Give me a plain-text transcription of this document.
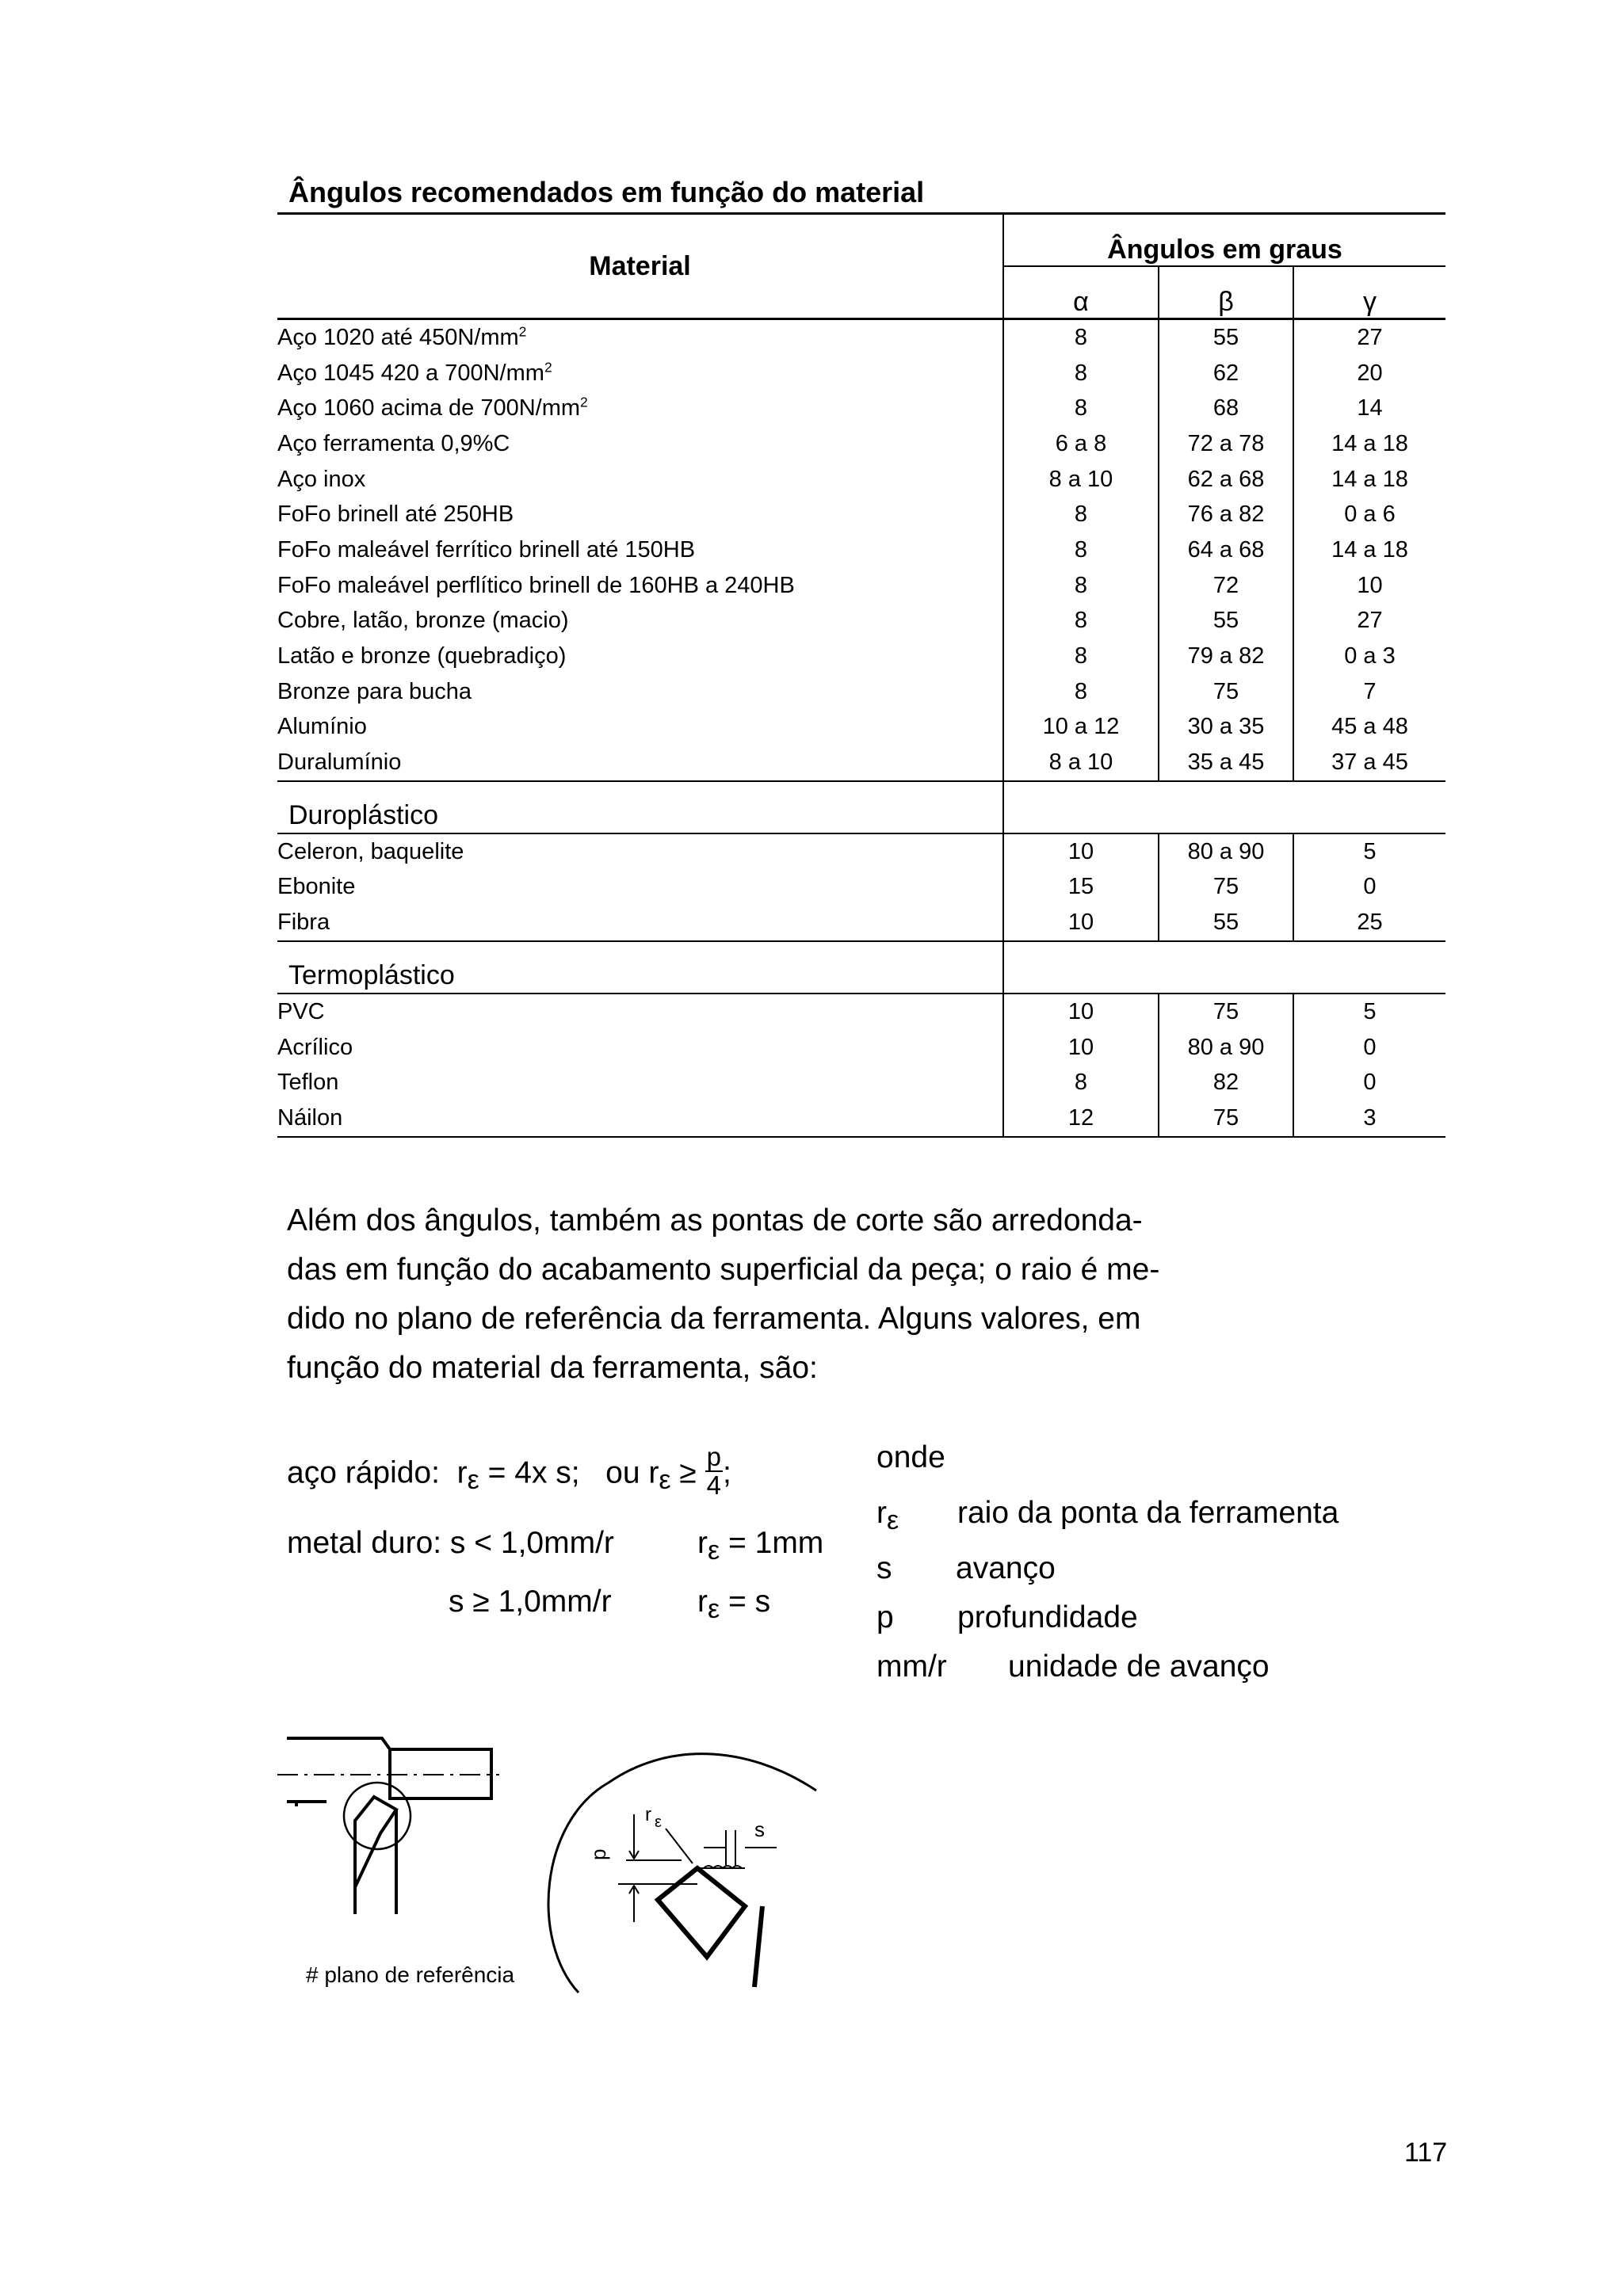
Ângulos recomendados em função do material
Material	Ângulos em graus		
	α	β	γ
Aço 1020 até $450N/mm^2$	8	55	27
Aço 1045 420 a $700N/mm^2$	8	62	20
Aço 1060 acima de $700N/mm^2$	8	68	14
Aço ferramenta 0,9%C	6 a 8	72 a 78	14 a 18
Aço inox	8 a 10	62 a 68	14 a 18
FoFo brinell até 250HB	8	76 a 82	0 a 6
FoFo maleável ferrítico brinell até 150HB	8	64 a 68	14 a 18
FoFo maleável perflítico brinell de 160HB a 240HB	8	72	10
Cobre, latão, bronze (macio)	8	55	27
Latão e bronze (quebradiço)	8	79 a 82	0 a 3
Bronze para bucha	8	75	7
Alumínio	10 a 12	30 a 35	45 a 48
Duralumínio	8 a 10	35 a 45	37 a 45
Duroplástico			
Celeron, baquelite	10	80 a 90	5
Ebonite	15	75	0
Fibra	10	55	25
Termoplástico			
PVC	10	75	5
Acrílico	10	80 a 90	0
Teflon	8	82	0
Náilon	12	75	3
Além dos ângulos, também as pontas de corte são arredonda-
das em função do acabamento superficial da peça; o raio é me-
dido no plano de referência da ferramenta. Alguns valores, em
função do material da ferramenta, são:
aço rápido: rε = 4x s; ou $r\varepsilon \ge \frac{p}{4}$ ;
metal duro: s < 1,0mm/r	rε = 1mm
s ≥ 1,0mm/r	rε = s
onde
rε raio da ponta da ferramenta
s avanço
p profundidade
mm/r unidade de avanço
p
r ε	s
# plano de referência
117
